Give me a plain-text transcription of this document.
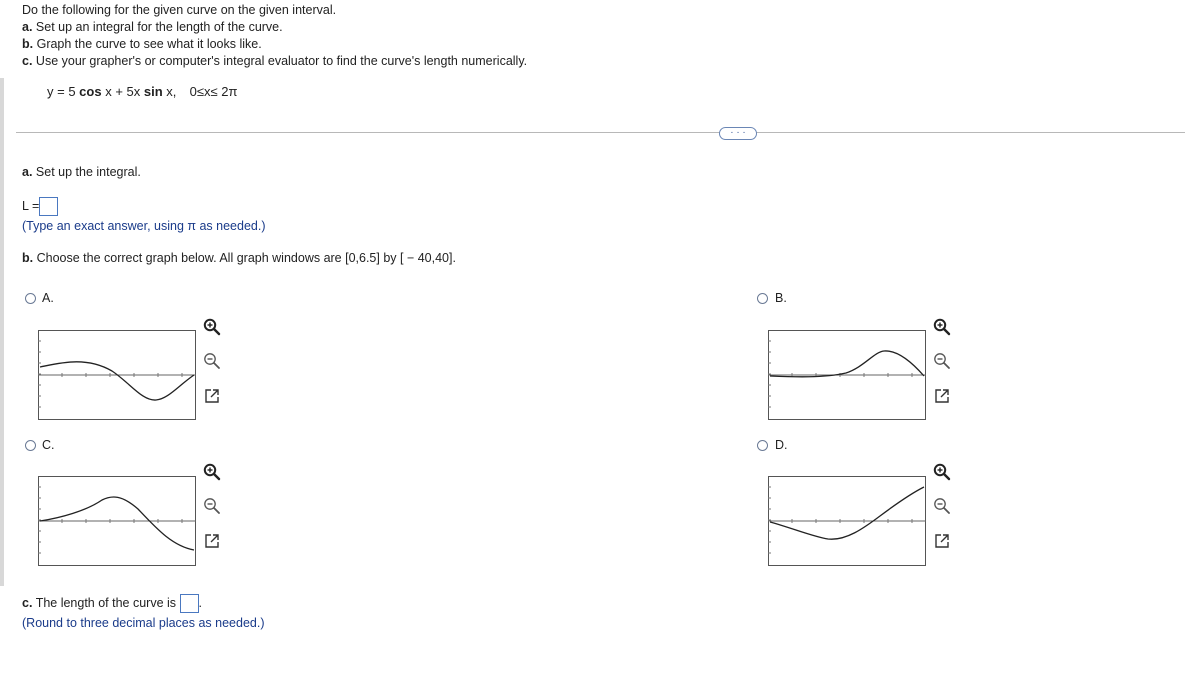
Do the following for the given curve on the given interval.
a. Set up an integral for the length of the curve.
b. Graph the curve to see what it looks like.
c. Use your grapher's or computer's integral evaluator to find the curve's length numerically.
y = 5 cos x + 5x sin x, 0≤x≤ 2π
· · ·
a. Set up the integral.
L =
(Type an exact answer, using π as needed.)
b. Choose the correct graph below. All graph windows are [0,6.5] by [ − 40,40].
A.	B.
C.	D.
c. The length of the curve is .
(Round to three decimal places as needed.)
